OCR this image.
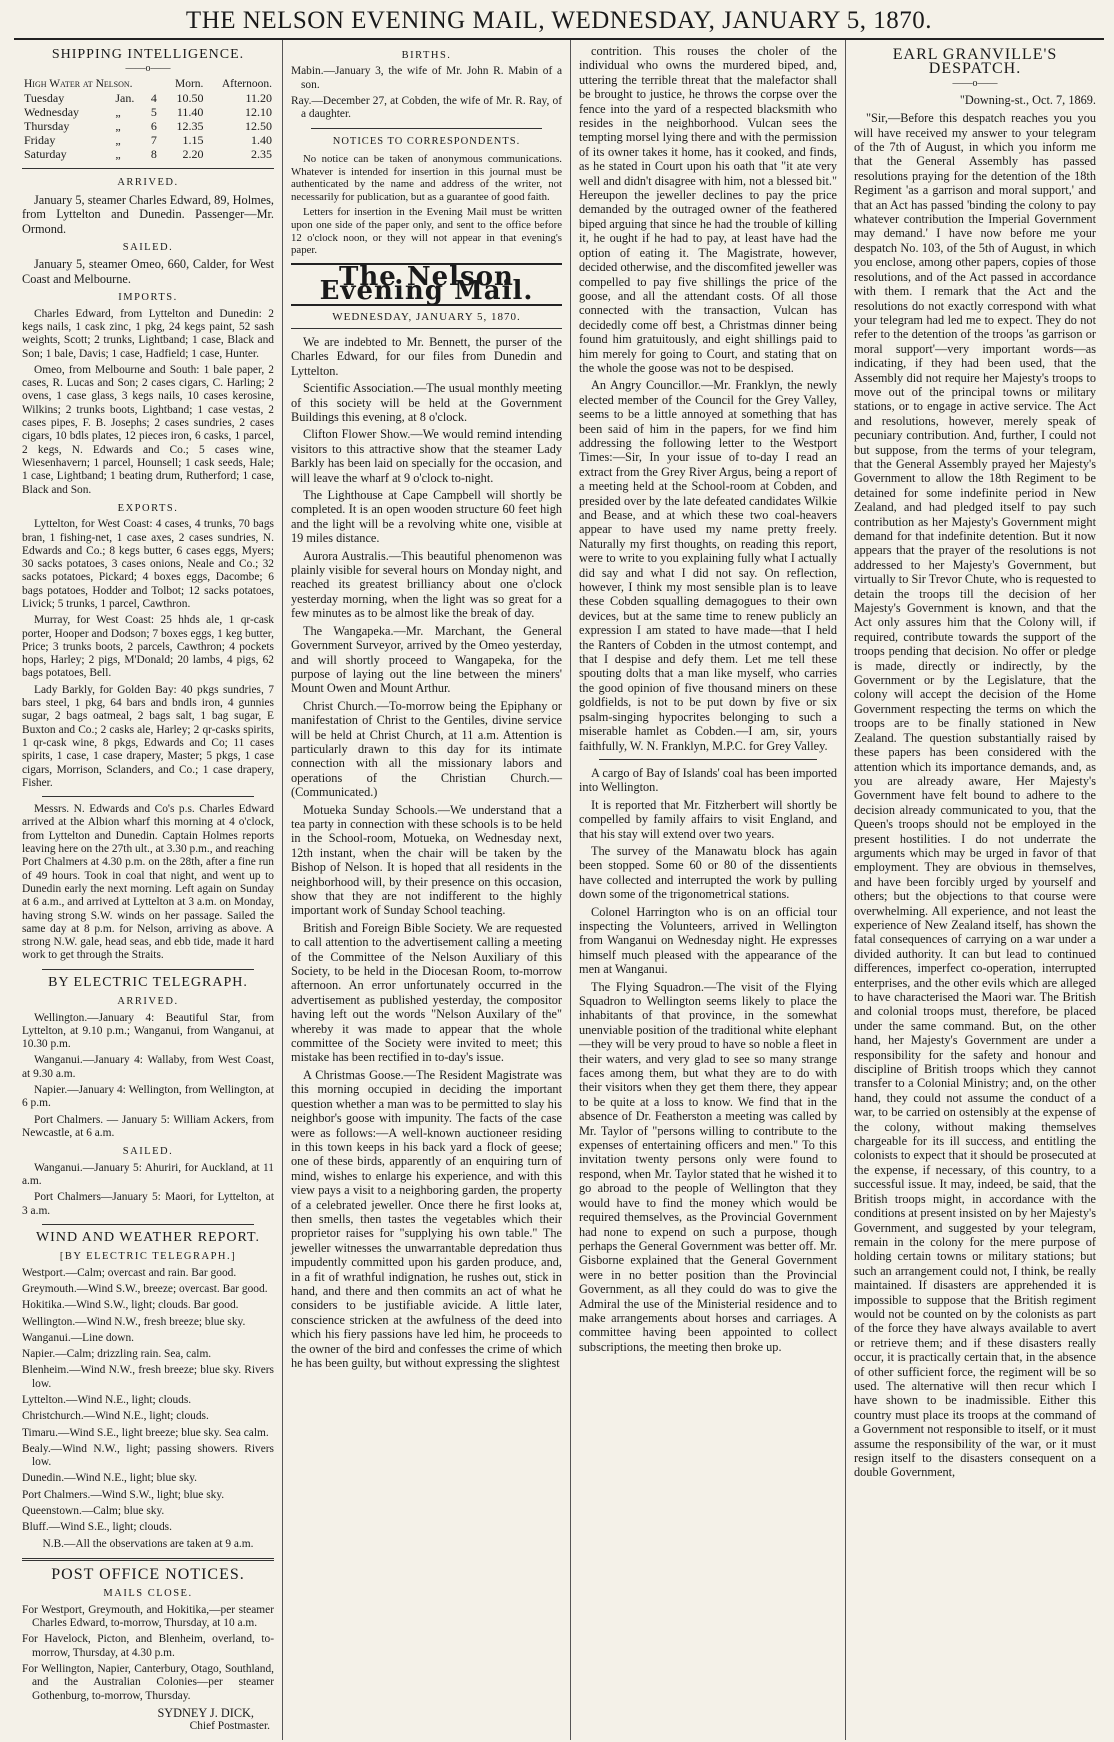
THE NELSON EVENING MAIL, WEDNESDAY, JANUARY 5, 1870.
SHIPPING INTELLIGENCE.
——o——
High Water at Nelson.			Morn.	Afternoon.
Tuesday	Jan.	4	10.50	11.20
Wednesday	„	5	11.40	12.10
Thursday	„	6	12.35	12.50
Friday	„	7	1.15	1.40
Saturday	„	8	2.20	2.35
ARRIVED.

January 5, steamer Charles Edward, 89, Holmes, from Lyttelton and Dunedin. Passenger—Mr. Ormond.

SAILED.

January 5, steamer Omeo, 660, Calder, for West Coast and Melbourne.

IMPORTS.

Charles Edward, from Lyttelton and Dunedin: 2 kegs nails, 1 cask zinc, 1 pkg, 24 kegs paint, 52 sash weights, Scott; 2 trunks, Lightband; 1 case, Black and Son; 1 bale, Davis; 1 case, Hadfield; 1 case, Hunter.

Omeo, from Melbourne and South: 1 bale paper, 2 cases, R. Lucas and Son; 2 cases cigars, C. Harling; 2 ovens, 1 case glass, 3 kegs nails, 10 cases kerosine, Wilkins; 2 trunks boots, Lightband; 1 case vestas, 2 cases pipes, F. B. Josephs; 2 cases sundries, 2 cases cigars, 10 bdls plates, 12 pieces iron, 6 casks, 1 parcel, 2 kegs, N. Edwards and Co.; 5 cases wine, Wiesenhavern; 1 parcel, Hounsell; 1 cask seeds, Hale; 1 case, Lightband; 1 beating drum, Rutherford; 1 case, Black and Son.

EXPORTS.

Lyttelton, for West Coast: 4 cases, 4 trunks, 70 bags bran, 1 fishing-net, 1 case axes, 2 cases sundries, N. Edwards and Co.; 8 kegs butter, 6 cases eggs, Myers; 30 sacks potatoes, 3 cases onions, Neale and Co.; 32 sacks potatoes, Pickard; 4 boxes eggs, Dacombe; 6 bags potatoes, Hodder and Tolbot; 12 sacks potatoes, Livick; 5 trunks, 1 parcel, Cawthron.

Murray, for West Coast: 25 hhds ale, 1 qr-cask porter, Hooper and Dodson; 7 boxes eggs, 1 keg butter, Price; 3 trunks boots, 2 parcels, Cawthron; 4 pockets hops, Harley; 2 pigs, M'Donald; 20 lambs, 4 pigs, 62 bags potatoes, Bell.

Lady Barkly, for Golden Bay: 40 pkgs sundries, 7 bars steel, 1 pkg, 64 bars and bndls iron, 4 gunnies sugar, 2 bags oatmeal, 2 bags salt, 1 bag sugar, E Buxton and Co.; 2 casks ale, Harley; 2 qr-casks spirits, 1 qr-cask wine, 8 pkgs, Edwards and Co; 11 cases spirits, 1 case, 1 case drapery, Master; 5 pkgs, 1 case cigars, Morrison, Sclanders, and Co.; 1 case drapery, Fisher.

Messrs. N. Edwards and Co's p.s. Charles Edward arrived at the Albion wharf this morning at 4 o'clock, from Lyttelton and Dunedin. Captain Holmes reports leaving here on the 27th ult., at 3.30 p.m., and reaching Port Chalmers at 4.30 p.m. on the 28th, after a fine run of 49 hours. Took in coal that night, and went up to Dunedin early the next morning. Left again on Sunday at 6 a.m., and arrived at Lyttelton at 3 a.m. on Monday, having strong S.W. winds on her passage. Sailed the same day at 8 p.m. for Nelson, arriving as above. A strong N.W. gale, head seas, and ebb tide, made it hard work to get through the Straits.

BY ELECTRIC TELEGRAPH.
ARRIVED.

Wellington.—January 4: Beautiful Star, from Lyttelton, at 9.10 p.m.; Wanganui, from Wanganui, at 10.30 p.m.

Wanganui.—January 4: Wallaby, from West Coast, at 9.30 a.m.

Napier.—January 4: Wellington, from Wellington, at 6 p.m.

Port Chalmers. — January 5: William Ackers, from Newcastle, at 6 a.m.

SAILED.

Wanganui.—January 5: Ahuriri, for Auckland, at 11 a.m.

Port Chalmers—January 5: Maori, for Lyttelton, at 3 a.m.

WIND AND WEATHER REPORT.
[BY ELECTRIC TELEGRAPH.]

Westport.—Calm; overcast and rain. Bar good.

Greymouth.—Wind S.W., breeze; overcast. Bar good.

Hokitika.—Wind S.W., light; clouds. Bar good.

Wellington.—Wind N.W., fresh breeze; blue sky.

Wanganui.—Line down.

Napier.—Calm; drizzling rain. Sea, calm.

Blenheim.—Wind N.W., fresh breeze; blue sky. Rivers low.

Lyttelton.—Wind N.E., light; clouds.

Christchurch.—Wind N.E., light; clouds.

Timaru.—Wind S.E., light breeze; blue sky. Sea calm.

Bealy.—Wind N.W., light; passing showers. Rivers low.

Dunedin.—Wind N.E., light; blue sky.

Port Chalmers.—Wind S.W., light; blue sky.

Queenstown.—Calm; blue sky.

Bluff.—Wind S.E., light; clouds.

N.B.—All the observations are taken at 9 a.m.

POST OFFICE NOTICES.
MAILS CLOSE.

For Westport, Greymouth, and Hokitika,—per steamer Charles Edward, to-morrow, Thursday, at 10 a.m.

For Havelock, Picton, and Blenheim, overland, to-morrow, Thursday, at 4.30 p.m.

For Wellington, Napier, Canterbury, Otago, Southland, and the Australian Colonies—per steamer Gothenburg, to-morrow, Thursday.

SYDNEY J. DICK,
Chief Postmaster.
BIRTHS.

Mabin.—January 3, the wife of Mr. John R. Mabin of a son.

Ray.—December 27, at Cobden, the wife of Mr. R. Ray, of a daughter.

NOTICES TO CORRESPONDENTS.

No notice can be taken of anonymous communications. Whatever is intended for insertion in this journal must be authenticated by the name and address of the writer, not necessarily for publication, but as a guarantee of good faith.

Letters for insertion in the Evening Mail must be written upon one side of the paper only, and sent to the office before 12 o'clock noon, or they will not appear in that evening's paper.

The Nelson Evening Mail.
WEDNESDAY, JANUARY 5, 1870.

We are indebted to Mr. Bennett, the purser of the Charles Edward, for our files from Dunedin and Lyttelton.

Scientific Association.—The usual monthly meeting of this society will be held at the Government Buildings this evening, at 8 o'clock.

Clifton Flower Show.—We would remind intending visitors to this attractive show that the steamer Lady Barkly has been laid on specially for the occasion, and will leave the wharf at 9 o'clock to-night.

The Lighthouse at Cape Campbell will shortly be completed. It is an open wooden structure 60 feet high and the light will be a revolving white one, visible at 19 miles distance.

Aurora Australis.—This beautiful phenomenon was plainly visible for several hours on Monday night, and reached its greatest brilliancy about one o'clock yesterday morning, when the light was so great for a few minutes as to be almost like the break of day.

The Wangapeka.—Mr. Marchant, the General Government Surveyor, arrived by the Omeo yesterday, and will shortly proceed to Wangapeka, for the purpose of laying out the line between the miners' Mount Owen and Mount Arthur.

Christ Church.—To-morrow being the Epiphany or manifestation of Christ to the Gentiles, divine service will be held at Christ Church, at 11 a.m. Attention is particularly drawn to this day for its intimate connection with all the missionary labors and operations of the Christian Church.—(Communicated.)

Motueka Sunday Schools.—We understand that a tea party in connection with these schools is to be held in the School-room, Motueka, on Wednesday next, 12th instant, when the chair will be taken by the Bishop of Nelson. It is hoped that all residents in the neighborhood will, by their presence on this occasion, show that they are not indifferent to the highly important work of Sunday School teaching.

British and Foreign Bible Society. We are requested to call attention to the advertisement calling a meeting of the Committee of the Nelson Auxiliary of this Society, to be held in the Diocesan Room, to-morrow afternoon. An error unfortunately occurred in the advertisement as published yesterday, the compositor having left out the words "Nelson Auxilary of the" whereby it was made to appear that the whole committee of the Society were invited to meet; this mistake has been rectified in to-day's issue.

A Christmas Goose.—The Resident Magistrate was this morning occupied in deciding the important question whether a man was to be permitted to slay his neighbor's goose with impunity. The facts of the case were as follows:—A well-known auctioneer residing in this town keeps in his back yard a flock of geese; one of these birds, apparently of an enquiring turn of mind, wishes to enlarge his experience, and with this view pays a visit to a neighboring garden, the property of a celebrated jeweller. Once there he first looks at, then smells, then tastes the vegetables which their proprietor raises for "supplying his own table." The jeweller witnesses the unwarrantable depredation thus impudently committed upon his garden produce, and, in a fit of wrathful indignation, he rushes out, stick in hand, and there and then commits an act of what he considers to be justifiable avicide. A little later, conscience stricken at the awfulness of the deed into which his fiery passions have led him, he proceeds to the owner of the bird and confesses the crime of which he has been guilty, but without expressing the slightest

contrition. This rouses the choler of the individual who owns the murdered biped, and, uttering the terrible threat that the malefactor shall be brought to justice, he throws the corpse over the fence into the yard of a respected blacksmith who resides in the neighborhood. Vulcan sees the tempting morsel lying there and with the permission of its owner takes it home, has it cooked, and finds, as he stated in Court upon his oath that "it ate very well and didn't disagree with him, not a blessed bit." Hereupon the jeweller declines to pay the price demanded by the outraged owner of the feathered biped arguing that since he had the trouble of killing it, he ought if he had to pay, at least have had the option of eating it. The Magistrate, however, decided otherwise, and the discomfited jeweller was compelled to pay five shillings the price of the goose, and all the attendant costs. Of all those connected with the transaction, Vulcan has decidedly come off best, a Christmas dinner being found him gratuitously, and eight shillings paid to him merely for going to Court, and stating that on the whole the goose was not to be despised.

An Angry Councillor.—Mr. Franklyn, the newly elected member of the Council for the Grey Valley, seems to be a little annoyed at something that has been said of him in the papers, for we find him addressing the following letter to the Westport Times:—Sir, In your issue of to-day I read an extract from the Grey River Argus, being a report of a meeting held at the School-room at Cobden, and presided over by the late defeated candidates Wilkie and Bease, and at which these two coal-heavers appear to have used my name pretty freely. Naturally my first thoughts, on reading this report, were to write to you explaining fully what I actually did say and what I did not say. On reflection, however, I think my most sensible plan is to leave these Cobden squalling demagogues to their own devices, but at the same time to renew publicly an expression I am stated to have made—that I held the Ranters of Cobden in the utmost contempt, and that I despise and defy them. Let me tell these spouting dolts that a man like myself, who carries the good opinion of five thousand miners on these goldfields, is not to be put down by five or six psalm-singing hypocrites belonging to such a miserable hamlet as Cobden.—I am, sir, yours faithfully, W. N. Franklyn, M.P.C. for Grey Valley.

A cargo of Bay of Islands' coal has been imported into Wellington.

It is reported that Mr. Fitzherbert will shortly be compelled by family affairs to visit England, and that his stay will extend over two years.

The survey of the Manawatu block has again been stopped. Some 60 or 80 of the dissentients have collected and interrupted the work by pulling down some of the trigonometrical stations.

Colonel Harrington who is on an official tour inspecting the Volunteers, arrived in Wellington from Wanganui on Wednesday night. He expresses himself much pleased with the appearance of the men at Wanganui.

The Flying Squadron.—The visit of the Flying Squadron to Wellington seems likely to place the inhabitants of that province, in the somewhat unenviable position of the traditional white elephant—they will be very proud to have so noble a fleet in their waters, and very glad to see so many strange faces among them, but what they are to do with their visitors when they get them there, they appear to be quite at a loss to know. We find that in the absence of Dr. Featherston a meeting was called by Mr. Taylor of "persons willing to contribute to the expenses of entertaining officers and men." To this invitation twenty persons only were found to respond, when Mr. Taylor stated that he wished it to go abroad to the people of Wellington that they would have to find the money which would be required themselves, as the Provincial Government had none to expend on such a purpose, though perhaps the General Government was better off. Mr. Gisborne explained that the General Government were in no better position than the Provincial Government, as all they could do was to give the Admiral the use of the Ministerial residence and to make arrangements about horses and carriages. A committee having been appointed to collect subscriptions, the meeting then broke up.

EARL GRANVILLE'S DESPATCH.
——o——
"Downing-st., Oct. 7, 1869.

"Sir,—Before this despatch reaches you you will have received my answer to your telegram of the 7th of August, in which you inform me that the General Assembly has passed resolutions praying for the detention of the 18th Regiment 'as a garrison and moral support,' and that an Act has passed 'binding the colony to pay whatever contribution the Imperial Government may demand.' I have now before me your despatch No. 103, of the 5th of August, in which you enclose, among other papers, copies of those resolutions, and of the Act passed in accordance with them. I remark that the Act and the resolutions do not exactly correspond with what your telegram had led me to expect. They do not refer to the detention of the troops 'as garrison or moral support'—very important words—as indicating, if they had been used, that the Assembly did not require her Majesty's troops to move out of the principal towns or military stations, or to engage in active service. The Act and resolutions, however, merely speak of pecuniary contribution. And, further, I could not but suppose, from the terms of your telegram, that the General Assembly prayed her Majesty's Government to allow the 18th Regiment to be detained for some indefinite period in New Zealand, and had pledged itself to pay such contribution as her Majesty's Government might demand for that indefinite detention. But it now appears that the prayer of the resolutions is not addressed to her Majesty's Government, but virtually to Sir Trevor Chute, who is requested to detain the troops till the decision of her Majesty's Government is known, and that the Act only assures him that the Colony will, if required, contribute towards the support of the troops pending that decision. No offer or pledge is made, directly or indirectly, by the Government or by the Legislature, that the colony will accept the decision of the Home Government respecting the terms on which the troops are to be finally stationed in New Zealand. The question substantially raised by these papers has been considered with the attention which its importance demands, and, as you are already aware, Her Majesty's Government have felt bound to adhere to the decision already communicated to you, that the Queen's troops should not be employed in the present hostilities. I do not underrate the arguments which may be urged in favor of that employment. They are obvious in themselves, and have been forcibly urged by yourself and others; but the objections to that course were overwhelming. All experience, and not least the experience of New Zealand itself, has shown the fatal consequences of carrying on a war under a divided authority. It can but lead to continued differences, imperfect co-operation, interrupted enterprises, and the other evils which are alleged to have characterised the Maori war. The British and colonial troops must, therefore, be placed under the same command. But, on the other hand, her Majesty's Government are under a responsibility for the safety and honour and discipline of British troops which they cannot transfer to a Colonial Ministry; and, on the other hand, they could not assume the conduct of a war, to be carried on ostensibly at the expense of the colony, without making themselves chargeable for its ill success, and entitling the colonists to expect that it should be prosecuted at the expense, if necessary, of this country, to a successful issue. It may, indeed, be said, that the British troops might, in accordance with the conditions at present insisted on by her Majesty's Government, and suggested by your telegram, remain in the colony for the mere purpose of holding certain towns or military stations; but such an arrangement could not, I think, be really maintained. If disasters are apprehended it is impossible to suppose that the British regiment would not be counted on by the colonists as part of the force they have always available to avert or retrieve them; and if these disasters really occur, it is practically certain that, in the absence of other sufficient force, the regiment will be so used. The alternative will then recur which I have shown to be inadmissible. Either this country must place its troops at the command of a Government not responsible to itself, or it must assume the responsibility of the war, or it must resign itself to the disasters consequent on a double Government,
